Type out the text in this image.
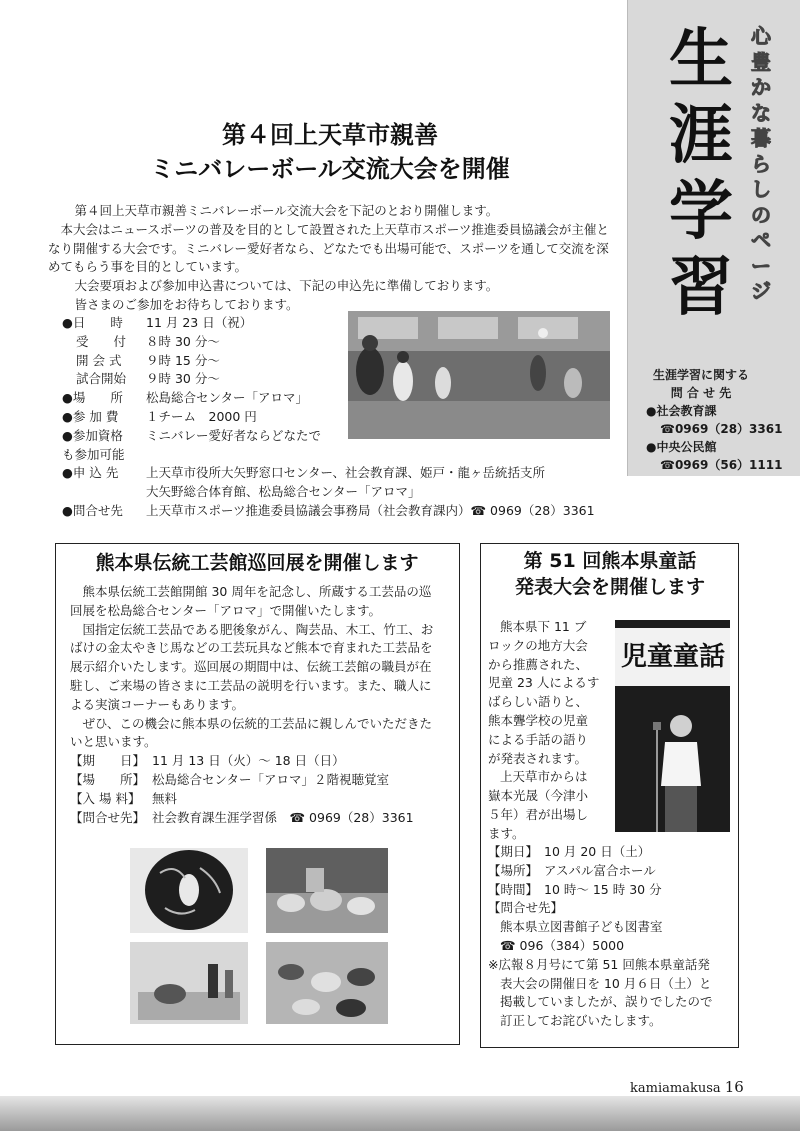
生
涯
学
習
心
豊
か
な
暮
ら
し
の
ペ
ー
ジ
生涯学習に関する
問 合 せ 先
●社会教育課
☎0969（28）3361
●中央公民館
☎0969（56）1111
第４回上天草市親善
ミニバレーボール交流大会を開催

第４回上天草市親善ミニバレーボール交流大会を下記のとおり開催します。

本大会はニュースポーツの普及を目的として設置された上天草市スポーツ推進委員協議会が主催となり開催する大会です。ミニバレー愛好者なら、どなたでも出場可能で、スポーツを通して交流を深めてもらう事を目的としています。

大会要項および参加申込書については、下記の申込先に準備しております。

皆さまのご参加をお待ちしております。

●日　　時	11 月 23 日（祝）
受　　付	８時 30 分～
開 会 式	９時 15 分～
試合開始	９時 30 分～
●場　　所	松島総合センター「アロマ」
●参 加 費	１チーム　2000 円
●参加資格	ミニバレー愛好者ならどなたで
も参加可能
●申 込 先	上天草市役所大矢野窓口センター、社会教育課、姫戸・龍ヶ岳統括支所
大矢野総合体育館、松島総合センター「アロマ」
●問合せ先	上天草市スポーツ推進委員協議会事務局（社会教育課内）☎ 0969（28）3361
熊本県伝統工芸館巡回展を開催します

熊本県伝統工芸館開館 30 周年を記念し、所蔵する工芸品の巡回展を松島総合センター「アロマ」で開催いたします。

国指定伝統工芸品である肥後象がん、陶芸品、木工、竹工、おばけの金太やきじ馬などの工芸玩具など熊本で育まれた工芸品を展示紹介いたします。巡回展の期間中は、伝統工芸館の職員が在駐し、ご来場の皆さまに工芸品の説明を行います。また、職人による実演コーナーもあります。

ぜひ、この機会に熊本県の伝統的工芸品に親しんでいただきたいと思います。

【期　　日】 11 月 13 日（火）～ 18 日（日）
【場　　所】 松島総合センター「アロマ」２階視聴覚室
【入 場 料】 無料
【問合せ先】 社会教育課生涯学習係　☎ 0969（28）3361
第 51 回熊本県童話
発表大会を開催します
熊本県下 11 ブ
ロックの地方大会
から推薦された、
児童 23 人によるす
ばらしい語りと、
熊本聾学校の児童
による手話の語り
が発表されます。
上天草市からは
嶽本光晟（今津小
５年）君が出場し
ます。
児童童話
【期日】 10 月 20 日（土）
【場所】 アスパル富合ホール
【時間】 10 時～ 15 時 30 分
【問合せ先】
熊本県立図書館子ども図書室
☎ 096（384）5000
※広報８月号にて第 51 回熊本県童話発
表大会の開催日を 10 月６日（土）と
掲載していましたが、誤りでしたので
訂正してお詫びいたします。
kamiamakusa 16
